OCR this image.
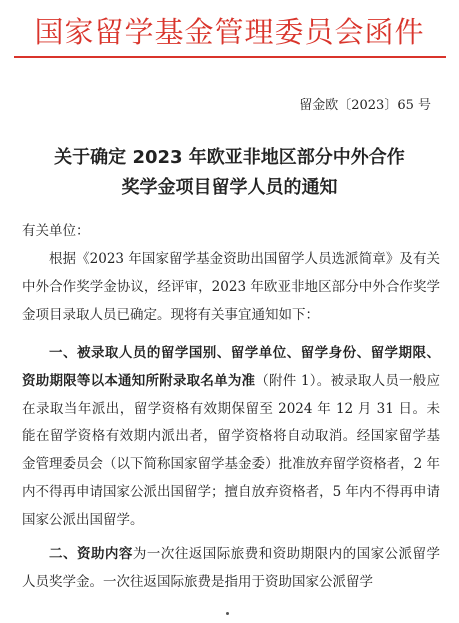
国家留学基金管理委员会函件
留金欧〔2023〕65 号
关于确定 2023 年欧亚非地区部分中外合作
奖学金项目留学人员的通知
有关单位：
根据《2023 年国家留学基金资助出国留学人员选派简章》及有关中外合作奖学金协议，经评审，2023 年欧亚非地区部分中外合作奖学金项目录取人员已确定。现将有关事宜通知如下：
一、被录取人员的留学国别、留学单位、留学身份、留学期限、资助期限等以本通知所附录取名单为准（附件 1）。被录取人员一般应在录取当年派出，留学资格有效期保留至 2024 年 12 月 31 日。未能在留学资格有效期内派出者，留学资格将自动取消。经国家留学基金管理委员会（以下简称国家留学基金委）批准放弃留学资格者，2 年内不得再申请国家公派出国留学；擅自放弃资格者，5 年内不得再申请国家公派出国留学。
二、资助内容为一次往返国际旅费和资助期限内的国家公派留学人员奖学金。一次往返国际旅费是指用于资助国家公派留学
